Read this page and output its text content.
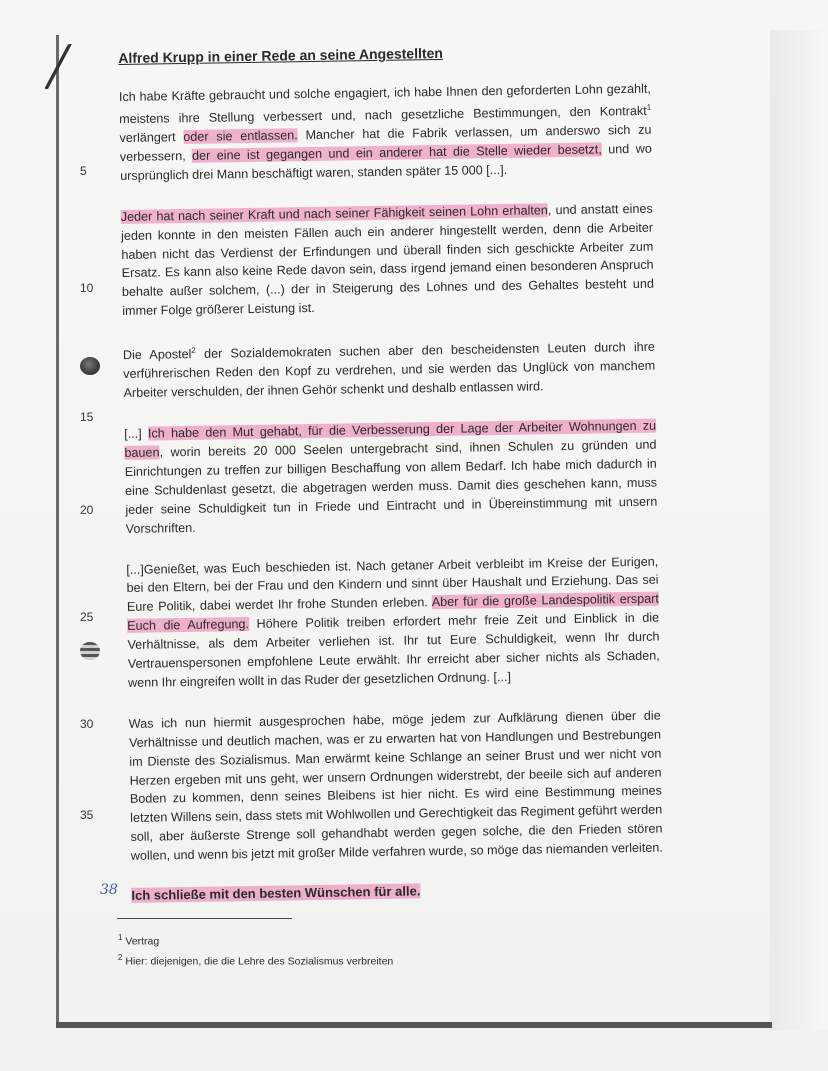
5
10
15
20
25
30
35
Alfred Krupp in einer Rede an seine Angestellten

Ich habe Kräfte gebraucht und solche engagiert, ich habe Ihnen den geforderten Lohn gezahlt, meistens ihre Stellung verbessert und, nach gesetzliche Bestimmungen, den Kontrakt$^1$ verlängert oder sie entlassen. Mancher hat die Fabrik verlassen, um anderswo sich zu verbessern, der eine ist gegangen und ein anderer hat die Stelle wieder besetzt, und wo ursprünglich drei Mann beschäftigt waren, standen später 15 000 [...].

Jeder hat nach seiner Kraft und nach seiner Fähigkeit seinen Lohn erhalten, und anstatt eines jeden konnte in den meisten Fällen auch ein anderer hingestellt werden, denn die Arbeiter haben nicht das Verdienst der Erfindungen und überall finden sich geschickte Arbeiter zum Ersatz. Es kann also keine Rede davon sein, dass irgend jemand einen besonderen Anspruch behalte außer solchem, (...) der in Steigerung des Lohnes und des Gehaltes besteht und immer Folge größerer Leistung ist.

Die Apostel$^2$ der Sozialdemokraten suchen aber den bescheidensten Leuten durch ihre verführerischen Reden den Kopf zu verdrehen, und sie werden das Unglück von manchem Arbeiter verschulden, der ihnen Gehör schenkt und deshalb entlassen wird.

[...] Ich habe den Mut gehabt, für die Verbesserung der Lage der Arbeiter Wohnungen zu bauen, worin bereits 20 000 Seelen untergebracht sind, ihnen Schulen zu gründen und Einrichtungen zu treffen zur billigen Beschaffung von allem Bedarf. Ich habe mich dadurch in eine Schuldenlast gesetzt, die abgetragen werden muss. Damit dies geschehen kann, muss jeder seine Schuldigkeit tun in Friede und Eintracht und in Übereinstimmung mit unsern Vorschriften.

[...]Genießet, was Euch beschieden ist. Nach getaner Arbeit verbleibt im Kreise der Eurigen, bei den Eltern, bei der Frau und den Kindern und sinnt über Haushalt und Erziehung. Das sei Eure Politik, dabei werdet Ihr frohe Stunden erleben. Aber für die große Landespolitik erspart Euch die Aufregung. Höhere Politik treiben erfordert mehr freie Zeit und Einblick in die Verhältnisse, als dem Arbeiter verliehen ist. Ihr tut Eure Schuldigkeit, wenn Ihr durch Vertrauenspersonen empfohlene Leute erwählt. Ihr erreicht aber sicher nichts als Schaden, wenn Ihr eingreifen wollt in das Ruder der gesetzlichen Ordnung. [...]

Was ich nun hiermit ausgesprochen habe, möge jedem zur Aufklärung dienen über die Verhältnisse und deutlich machen, was er zu erwarten hat von Handlungen und Bestrebungen im Dienste des Sozialismus. Man erwärmt keine Schlange an seiner Brust und wer nicht von Herzen ergeben mit uns geht, wer unsern Ordnungen widerstrebt, der beeile sich auf anderen Boden zu kommen, denn seines Bleibens ist hier nicht. Es wird eine Bestimmung meines letzten Willens sein, dass stets mit Wohlwollen und Gerechtigkeit das Regiment geführt werden soll, aber äußerste Strenge soll gehandhabt werden gegen solche, die den Frieden stören wollen, und wenn bis jetzt mit großer Milde verfahren wurde, so möge das niemanden verleiten.

Ich schließe mit den besten Wünschen für alle.
38
$^1$ Vertrag
$^2$ Hier: diejenigen, die die Lehre des Sozialismus verbreiten
